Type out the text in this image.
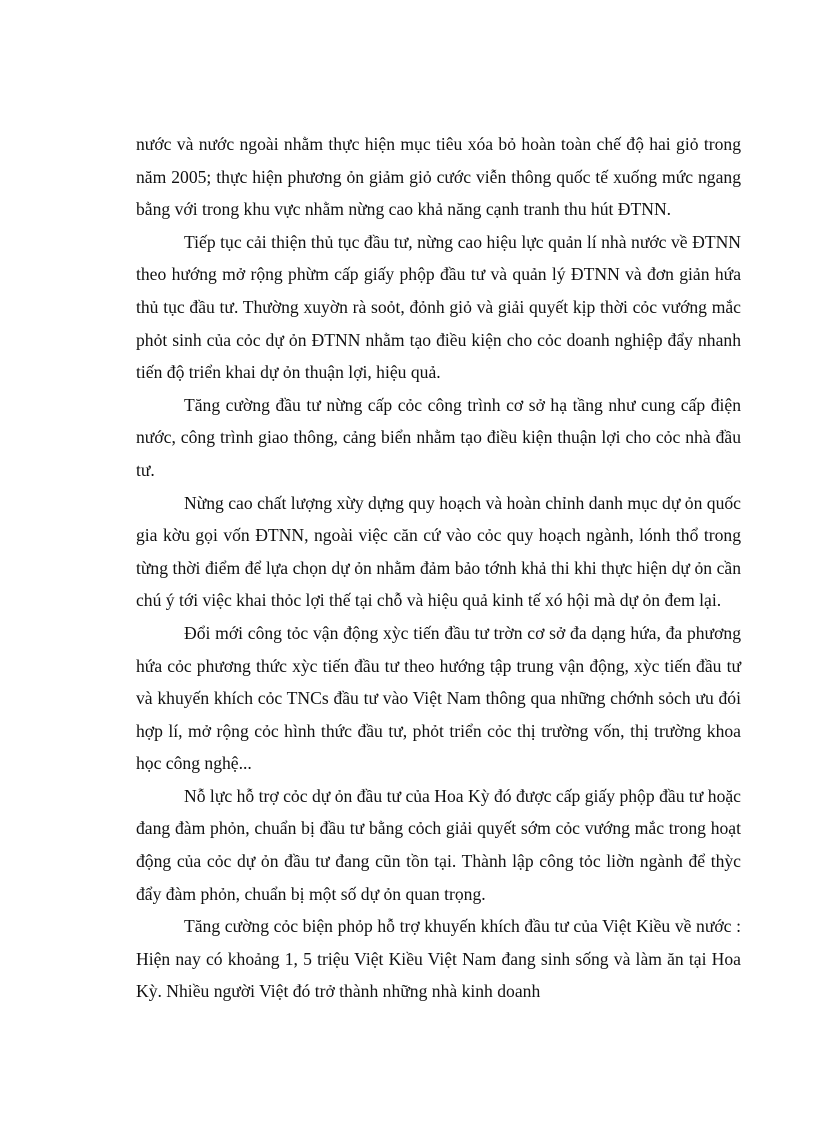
nước và nước ngoài nhằm thực hiện mục tiêu xóa bỏ hoàn toàn chế độ hai giỏ trong năm 2005; thực hiện phương ỏn giảm giỏ cước viễn thông quốc tế xuống mức ngang bằng với trong khu vực nhằm nừng cao khả năng cạnh tranh thu hút ĐTNN.

Tiếp tục cải thiện thủ tục đầu tư, nừng cao hiệu lực quản lí nhà nước về ĐTNN theo hướng mở rộng phừm cấp giấy phộp đầu tư và quản lý ĐTNN và đơn giản hứa thủ tục đầu tư. Thường xuyờn rà soỏt, đỏnh giỏ và giải quyết kịp thời cỏc vướng mắc phỏt sinh của cỏc dự ỏn ĐTNN nhằm tạo điều kiện cho cỏc doanh nghiệp đẩy nhanh tiến độ triển khai dự ỏn thuận lợi, hiệu quả.

Tăng cường đầu tư nừng cấp cỏc công trình cơ sở hạ tầng như cung cấp điện nước, công trình giao thông, cảng biển nhằm tạo điều kiện thuận lợi cho cỏc nhà đầu tư.

Nừng cao chất lượng xừy dựng quy hoạch và hoàn chỉnh danh mục dự ỏn quốc gia kờu gọi vốn ĐTNN, ngoài việc căn cứ vào cỏc quy hoạch ngành, lónh thổ trong từng thời điểm để lựa chọn dự ỏn nhằm đảm bảo tớnh khả thi khi thực hiện dự ỏn cần chú ý tới việc khai thỏc lợi thế tại chỗ và hiệu quả kinh tế xó hội mà dự ỏn đem lại.

Đổi mới công tỏc vận động xỳc tiến đầu tư trờn cơ sở đa dạng hứa, đa phương hứa cỏc phương thức xỳc tiến đầu tư theo hướng tập trung vận động, xỳc tiến đầu tư và khuyến khích cỏc TNCs đầu tư vào Việt Nam thông qua những chớnh sỏch ưu đói hợp lí, mở rộng cỏc hình thức đầu tư, phỏt triển cỏc thị trường vốn, thị trường khoa học công nghệ...

Nỗ lực hỗ trợ cỏc dự ỏn đầu tư của Hoa Kỳ đó được cấp giấy phộp đầu tư hoặc đang đàm phỏn, chuẩn bị đầu tư bằng cỏch giải quyết sớm cỏc vướng mắc trong hoạt động của cỏc dự ỏn đầu tư đang cũn tồn tại. Thành lập công tỏc liờn ngành để thỳc đẩy đàm phỏn, chuẩn bị một số dự ỏn quan trọng.

Tăng cường cỏc biện phỏp hỗ trợ khuyến khích đầu tư của Việt Kiều về nước : Hiện nay có khoảng 1, 5 triệu Việt Kiều Việt Nam đang sinh sống và làm ăn tại Hoa Kỳ. Nhiều người Việt đó trở thành những nhà kinh doanh
